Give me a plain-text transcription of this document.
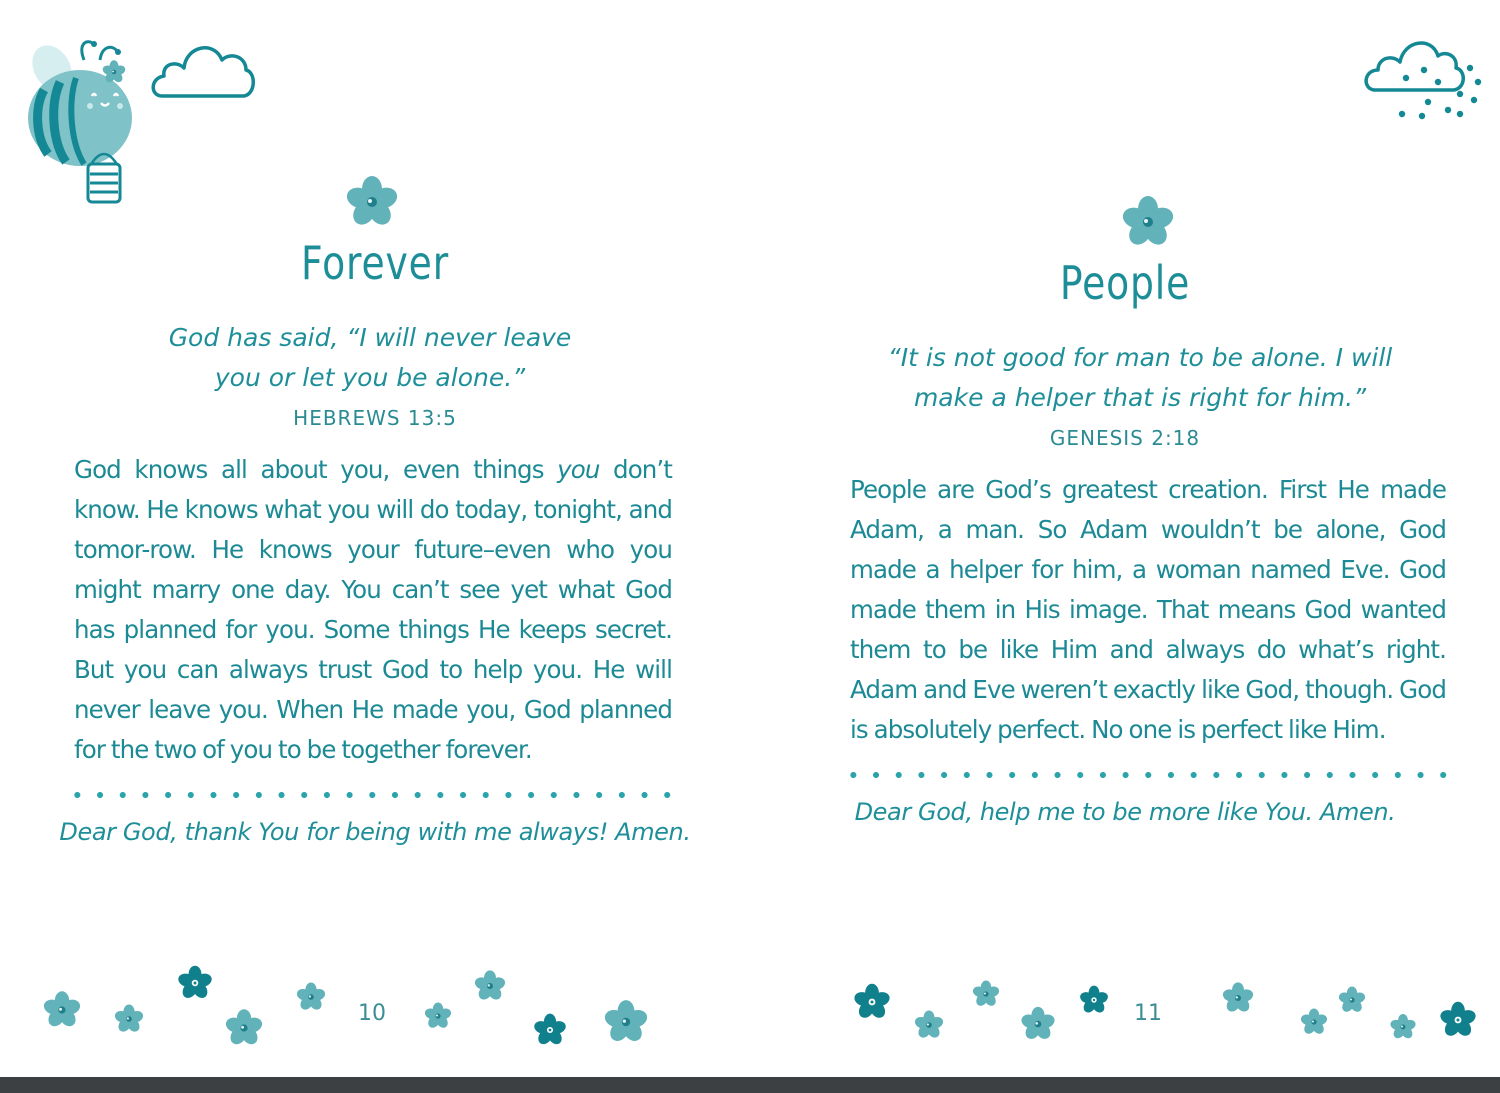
Forever
God has said, “I will never leave
you or let you be alone.”
HEBREWS 13:5
God knows all about you, even things you don’t know. He knows what you will do today, tonight, and tomor-row. He knows your future–even who you might marry one day. You can’t see yet what God has planned for you. Some things He keeps secret. But you can always trust God to help you. He will never leave you. When He made you, God planned for the two of you to be together forever.
Dear God, thank You for being with me always! Amen.
10
People
“It is not good for man to be alone. I will
make a helper that is right for him.”
GENESIS 2:18
People are God’s greatest creation. First He made Adam, a man. So Adam wouldn’t be alone, God made a helper for him, a woman named Eve. God made them in His image. That means God wanted them to be like Him and always do what’s right. Adam and Eve weren’t exactly like God, though. God is absolutely perfect. No one is perfect like Him.
Dear God, help me to be more like You. Amen.
11
